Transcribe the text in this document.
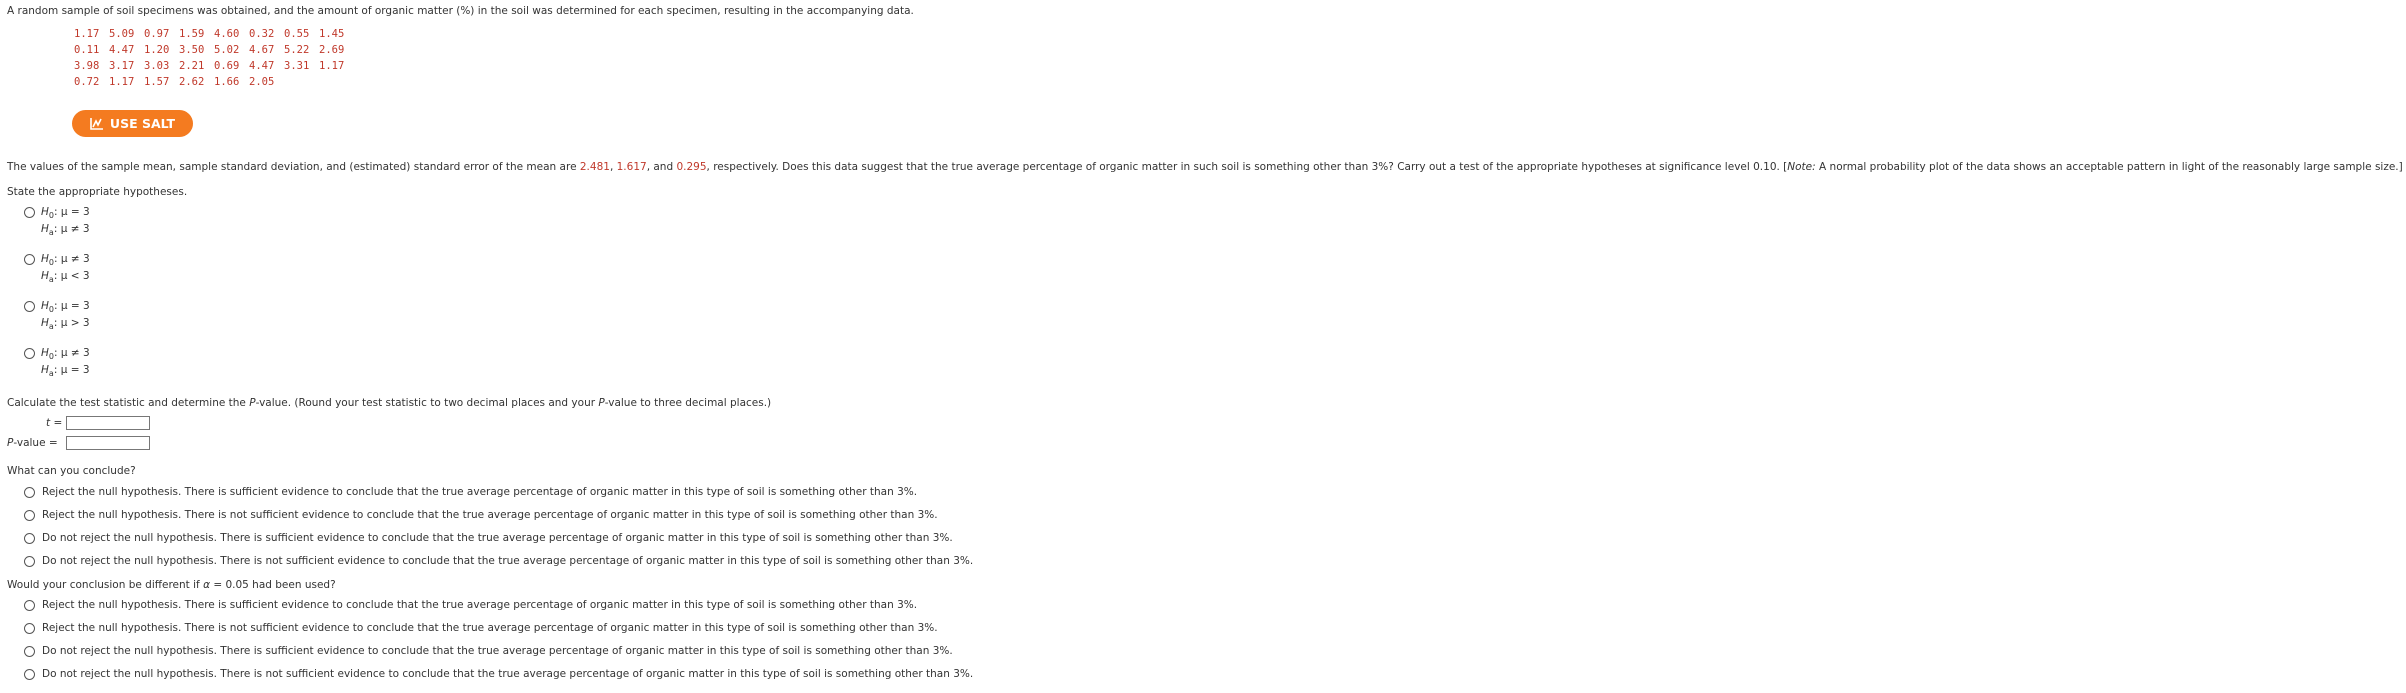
A random sample of soil specimens was obtained, and the amount of organic matter (%) in the soil was determined for each specimen, resulting in the accompanying data.
1.17 5.09 0.97 1.59 4.60 0.32 0.55 1.45
0.11 4.47 1.20 3.50 5.02 4.67 5.22 2.69
3.98 3.17 3.03 2.21 0.69 4.47 3.31 1.17
0.72 1.17 1.57 2.62 1.66 2.05
USE SALT
The values of the sample mean, sample standard deviation, and (estimated) standard error of the mean are 2.481, 1.617, and 0.295, respectively. Does this data suggest that the true average percentage of organic matter in such soil is something other than 3%? Carry out a test of the appropriate hypotheses at significance level 0.10. [Note: A normal probability plot of the data shows an acceptable pattern in light of the reasonably large sample size.]
State the appropriate hypotheses.
$H_0$: μ = 3
$H_a$: μ ≠ 3
$H_0$: μ ≠ 3
$H_a$: μ < 3
$H_0$: μ = 3
$H_a$: μ > 3
$H_0$: μ ≠ 3
$H_a$: μ = 3
Calculate the test statistic and determine the P-value. (Round your test statistic to two decimal places and your P-value to three decimal places.)
t =
P-value =
What can you conclude?
Reject the null hypothesis. There is sufficient evidence to conclude that the true average percentage of organic matter in this type of soil is something other than 3%.
Reject the null hypothesis. There is not sufficient evidence to conclude that the true average percentage of organic matter in this type of soil is something other than 3%.
Do not reject the null hypothesis. There is sufficient evidence to conclude that the true average percentage of organic matter in this type of soil is something other than 3%.
Do not reject the null hypothesis. There is not sufficient evidence to conclude that the true average percentage of organic matter in this type of soil is something other than 3%.
Would your conclusion be different if α = 0.05 had been used?
Reject the null hypothesis. There is sufficient evidence to conclude that the true average percentage of organic matter in this type of soil is something other than 3%.
Reject the null hypothesis. There is not sufficient evidence to conclude that the true average percentage of organic matter in this type of soil is something other than 3%.
Do not reject the null hypothesis. There is sufficient evidence to conclude that the true average percentage of organic matter in this type of soil is something other than 3%.
Do not reject the null hypothesis. There is not sufficient evidence to conclude that the true average percentage of organic matter in this type of soil is something other than 3%.
